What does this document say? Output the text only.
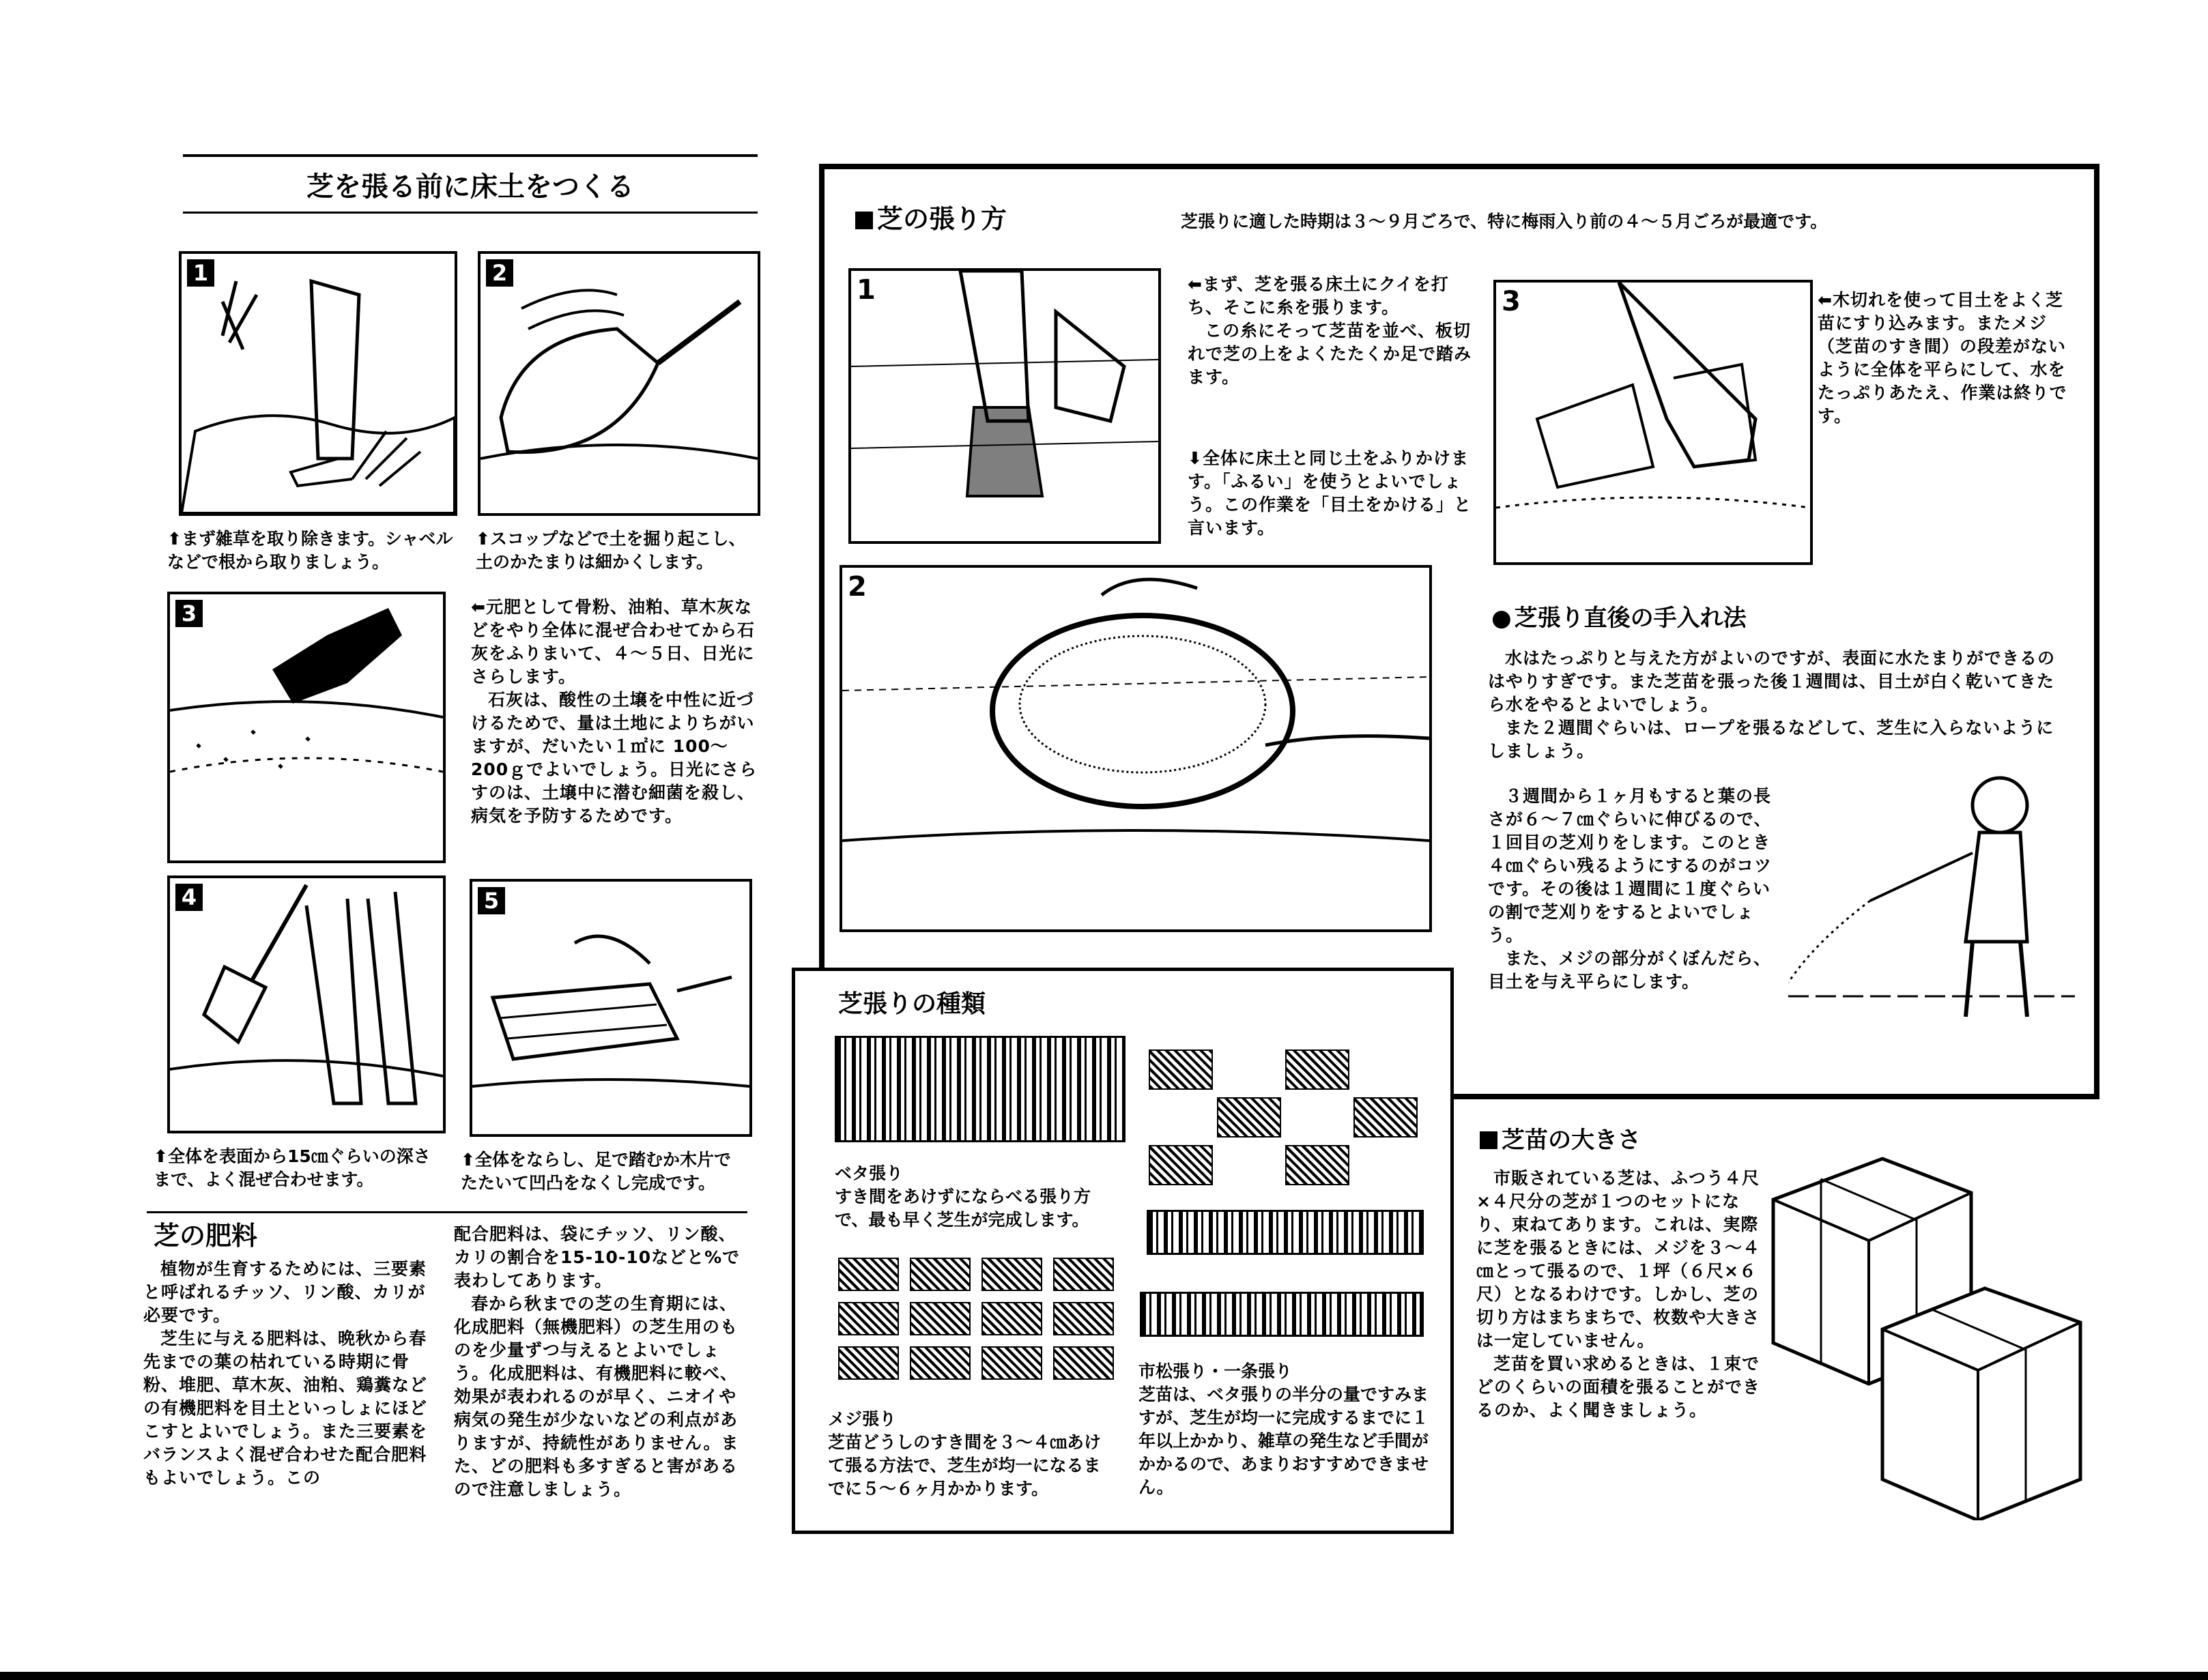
芝を張る前に床土をつくる
1	2
⬆まず雑草を取り除きます。シャベルなどで根から取りましょう。
⬆スコップなどで土を掘り起こし、土のかたまりは細かくします。
3	⬅元肥として骨粉、油粕、草木灰などをやり全体に混ぜ合わせてから石灰をふりまいて、４～５日、日光にさらします。

石灰は、酸性の土壌を中性に近づけるためで、量は土地によりちがいますが、だいたい１㎡に 100～200ｇでよいでしょう。日光にさらすのは、土壌中に潜む細菌を殺し、病気を予防するためです。

4	5
⬆全体を表面から15㎝ぐらいの深さまで、よく混ぜ合わせます。
⬆全体をならし、足で踏むか木片でたたいて凹凸をなくし完成です。
芝の肥料

植物が生育するためには、三要素と呼ばれるチッソ、リン酸、カリが必要です。

芝生に与える肥料は、晩秋から春先までの葉の枯れている時期に骨粉、堆肥、草木灰、油粕、鶏糞などの有機肥料を目土といっしょにほどこすとよいでしょう。また三要素をバランスよく混ぜ合わせた配合肥料もよいでしょう。この

配合肥料は、袋にチッソ、リン酸、カリの割合を15-10-10などと%で表わしてあります。

春から秋までの芝の生育期には、化成肥料（無機肥料）の芝生用のものを少量ずつ与えるとよいでしょう。化成肥料は、有機肥料に較べ、効果が表われるのが早く、ニオイや病気の発生が少ないなどの利点がありますが、持続性がありません。また、どの肥料も多すぎると害があるので注意しましょう。

芝の張り方	芝張りに適した時期は３～９月ごろで、特に梅雨入り前の４～５月ごろが最適です。
1	⬅まず、芝を張る床土にクイを打ち、そこに糸を張ります。

この糸にそって芝苗を並べ、板切れで芝の上をよくたたくか足で踏みます。

⬇全体に床土と同じ土をふりかけます。「ふるい」を使うとよいでしょう。この作業を「目土をかける」と言います。
3	⬅木切れを使って目土をよく芝苗にすり込みます。またメジ（芝苗のすき間）の段差がないように全体を平らにして、水をたっぷりあたえ、作業は終りです。
2
● 芝張り直後の手入れ法

水はたっぷりと与えた方がよいのですが、表面に水たまりができるのはやりすぎです。また芝苗を張った後１週間は、目土が白く乾いてきたら水をやるとよいでしょう。

また２週間ぐらいは、ロープを張るなどして、芝生に入らないようにしましょう。

３週間から１ヶ月もすると葉の長さが６～７㎝ぐらいに伸びるので、１回目の芝刈りをします。このとき４㎝ぐらい残るようにするのがコツです。その後は１週間に１度ぐらいの割で芝刈りをするとよいでしょう。

また、メジの部分がくぼんだら、目土を与え平らにします。

芝張りの種類
ベタ張り
すき間をあけずにならべる張り方で、最も早く芝生が完成します。
メジ張り
芝苗どうしのすき間を３～４㎝あけて張る方法で、芝生が均一になるまでに５～６ヶ月かかります。
市松張り・一条張り
芝苗は、ベタ張りの半分の量ですみますが、芝生が均一に完成するまでに１年以上かかり、雑草の発生など手間がかかるので、あまりおすすめできません。
芝苗の大きさ

市販されている芝は、ふつう４尺×４尺分の芝が１つのセットになり、束ねてあります。これは、実際に芝を張るときには、メジを３～４㎝とって張るので、１坪（６尺×６尺）となるわけです。しかし、芝の切り方はまちまちで、枚数や大きさは一定していません。

芝苗を買い求めるときは、１束でどのくらいの面積を張ることができるのか、よく聞きましょう。
